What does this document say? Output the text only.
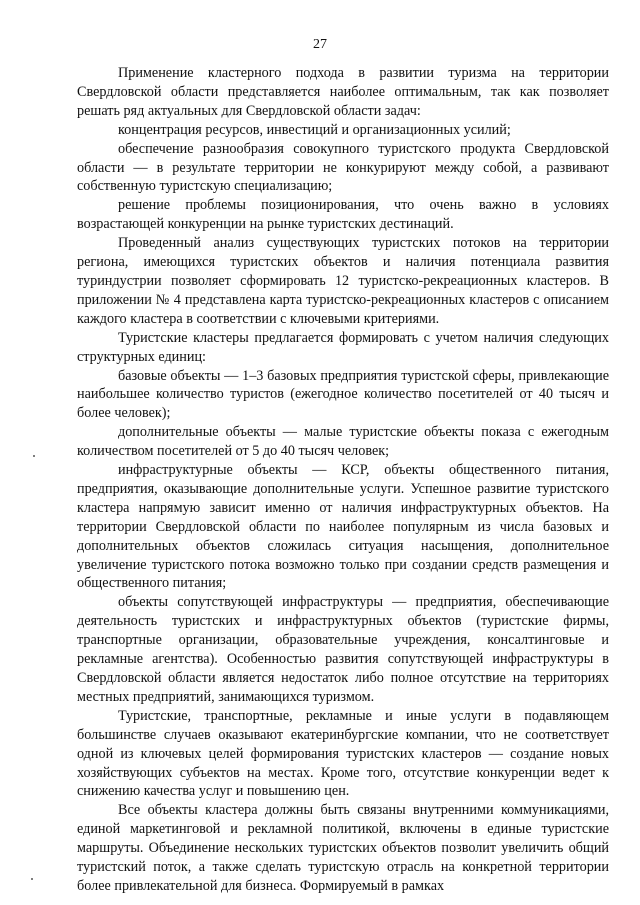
27

Применение кластерного подхода в развитии туризма на территории Свердловской области представляется наиболее оптимальным, так как позволяет решать ряд актуальных для Свердловской области задач:

концентрация ресурсов, инвестиций и организационных усилий;

обеспечение разнообразия совокупного туристского продукта Свердловской области — в результате территории не конкурируют между собой, а развивают собственную туристскую специализацию;

решение проблемы позиционирования, что очень важно в условиях возрастающей конкуренции на рынке туристских дестинаций.

Проведенный анализ существующих туристских потоков на территории региона, имеющихся туристских объектов и наличия потенциала развития туриндустрии позволяет сформировать 12 туристско-рекреационных кластеров. В приложении № 4 представлена карта туристско-рекреационных кластеров с описанием каждого кластера в соответствии с ключевыми критериями.

Туристские кластеры предлагается формировать с учетом наличия следующих структурных единиц:

базовые объекты — 1–3 базовых предприятия туристской сферы, привлекающие наибольшее количество туристов (ежегодное количество посетителей от 40 тысяч и более человек);

дополнительные объекты — малые туристские объекты показа с ежегодным количеством посетителей от 5 до 40 тысяч человек;

инфраструктурные объекты — КСР, объекты общественного питания, предприятия, оказывающие дополнительные услуги. Успешное развитие туристского кластера напрямую зависит именно от наличия инфраструктурных объектов. На территории Свердловской области по наиболее популярным из числа базовых и дополнительных объектов сложилась ситуация насыщения, дополнительное увеличение туристского потока возможно только при создании средств размещения и общественного питания;

объекты сопутствующей инфраструктуры — предприятия, обеспечивающие деятельность туристских и инфраструктурных объектов (туристские фирмы, транспортные организации, образовательные учреждения, консалтинговые и рекламные агентства). Особенностью развития сопутствующей инфраструктуры в Свердловской области является недостаток либо полное отсутствие на территориях местных предприятий, занимающихся туризмом.

Туристские, транспортные, рекламные и иные услуги в подавляющем большинстве случаев оказывают екатеринбургские компании, что не соответствует одной из ключевых целей формирования туристских кластеров — создание новых хозяйствующих субъектов на местах. Кроме того, отсутствие конкуренции ведет к снижению качества услуг и повышению цен.

Все объекты кластера должны быть связаны внутренними коммуникациями, единой маркетинговой и рекламной политикой, включены в единые туристские маршруты. Объединение нескольких туристских объектов позволит увеличить общий туристский поток, а также сделать туристскую отрасль на конкретной территории более привлекательной для бизнеса. Формируемый в рамках
